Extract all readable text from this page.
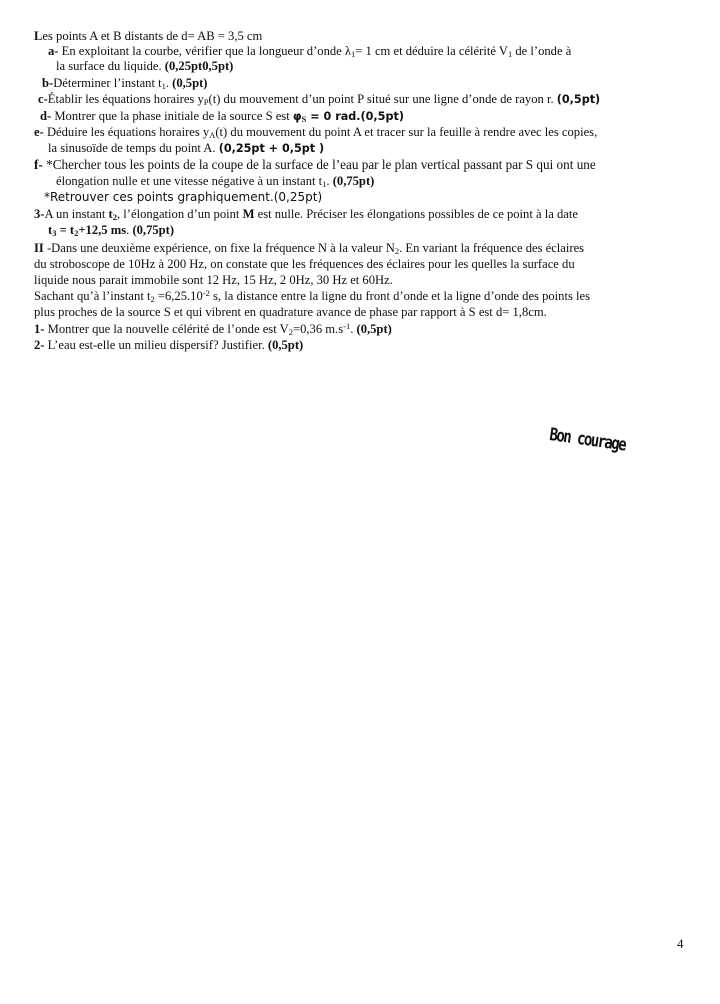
Les points A et B distants de d= AB = 3,5 cm
a- En exploitant la courbe, vérifier que la longueur d’onde $\lambda_1= 1$ cm et déduire la célérité $V_1$ de l’onde à
la surface du liquide. (0,25pt0,5pt)
b-Déterminer l’instant $t_1$. (0,5pt)
c-Établir les équations horaires $y_P(t)$ du mouvement d’un point P situé sur une ligne d’onde de rayon r. (0,5pt)
d- Montrer que la phase initiale de la source S est $\varphi_S = 0$ rad.(0,5pt)
e- Déduire les équations horaires $y_A(t)$ du mouvement du point A et tracer sur la feuille à rendre avec les copies,
la sinusoïde de temps du point A. (0,25pt + 0,5pt )
f- *Chercher tous les points de la coupe de la surface de l’eau par le plan vertical passant par S qui ont une
élongation nulle et une vitesse négative à un instant $t_1$. (0,75pt)
*Retrouver ces points graphiquement.(0,25pt)
3-A un instant $t_2$, l’élongation d’un point M est nulle. Préciser les élongations possibles de ce point à la date
$t_3 = t_2+12,5$ ms. (0,75pt)
II -Dans une deuxième expérience, on fixe la fréquence N à la valeur $N_2$. En variant la fréquence des éclaires
du stroboscope de 10Hz à 200 Hz, on constate que les fréquences des éclaires pour les quelles la surface du
liquide nous parait immobile sont 12 Hz, 15 Hz, 2 0Hz, 30 Hz et 60Hz.
Sachant qu’à l’instant $t_2 =6,25.10^{-2}$ s, la distance entre la ligne du front d’onde et la ligne d’onde des points les
plus proches de la source S et qui vibrent en quadrature avance de phase par rapport à S est d= 1,8cm.
1- Montrer que la nouvelle célérité de l’onde est $V_2=0,36$ $m.s^{-1}$. (0,5pt)
2- L’eau est-elle un milieu dispersif? Justifier. (0,5pt)
Bon courage
4
